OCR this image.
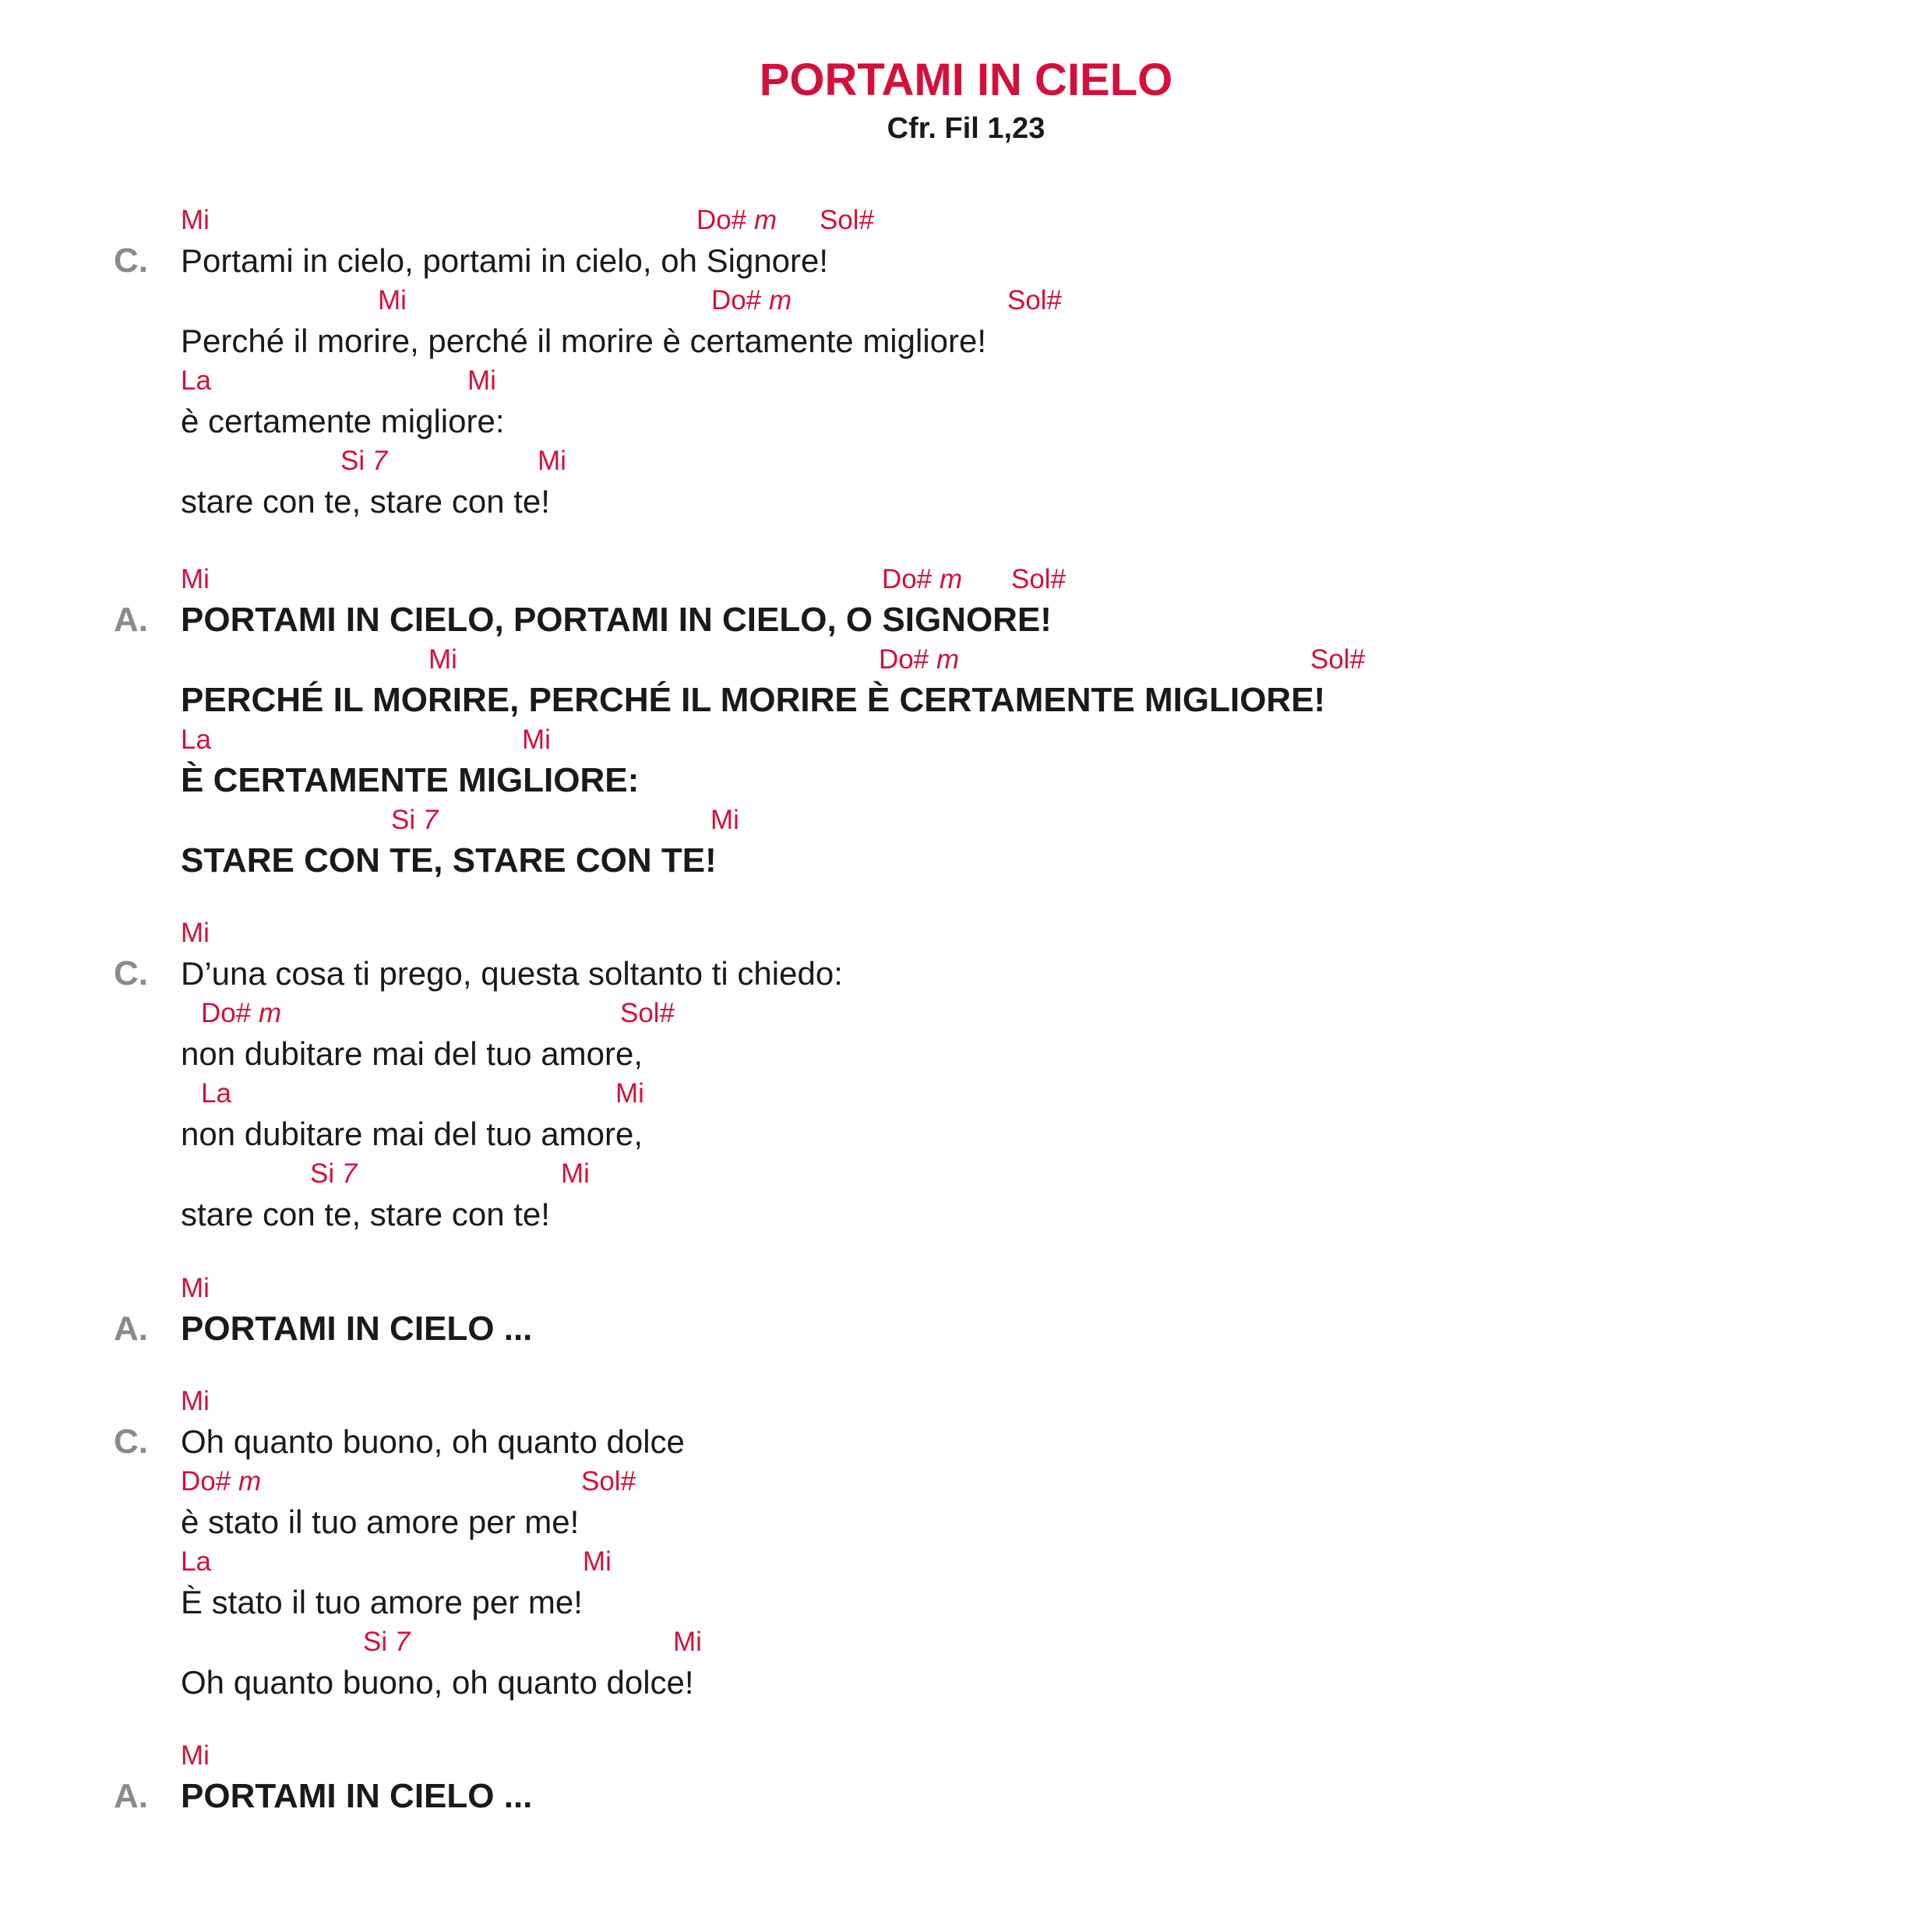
PORTAMI IN CIELO
Cfr. Fil 1,23
C. Portami in cielo, portami in cielo, oh Signore!
Mi	Do# m Sol#
Perché il morire, perché il morire è certamente migliore!
Mi	Do# m	Sol#
è certamente migliore:
La	Mi
stare con te, stare con te!
Si 7	Mi
A. PORTAMI IN CIELO, PORTAMI IN CIELO, O SIGNORE!
Mi	Do# m Sol#
PERCHÉ IL MORIRE, PERCHÉ IL MORIRE È CERTAMENTE MIGLIORE!
Mi	Do# m	Sol#
È CERTAMENTE MIGLIORE:
La	Mi
STARE CON TE, STARE CON TE!
Si 7	Mi
C. D’una cosa ti prego, questa soltanto ti chiedo:
Mi
non dubitare mai del tuo amore,
Do# m	Sol#
non dubitare mai del tuo amore,
La	Mi
stare con te, stare con te!
Si 7	Mi
A. PORTAMI IN CIELO ...
Mi
C. Oh quanto buono, oh quanto dolce
Mi
è stato il tuo amore per me!
Do# m	Sol#
È stato il tuo amore per me!
La	Mi
Oh quanto buono, oh quanto dolce!
Si 7	Mi
A. PORTAMI IN CIELO ...
Mi
